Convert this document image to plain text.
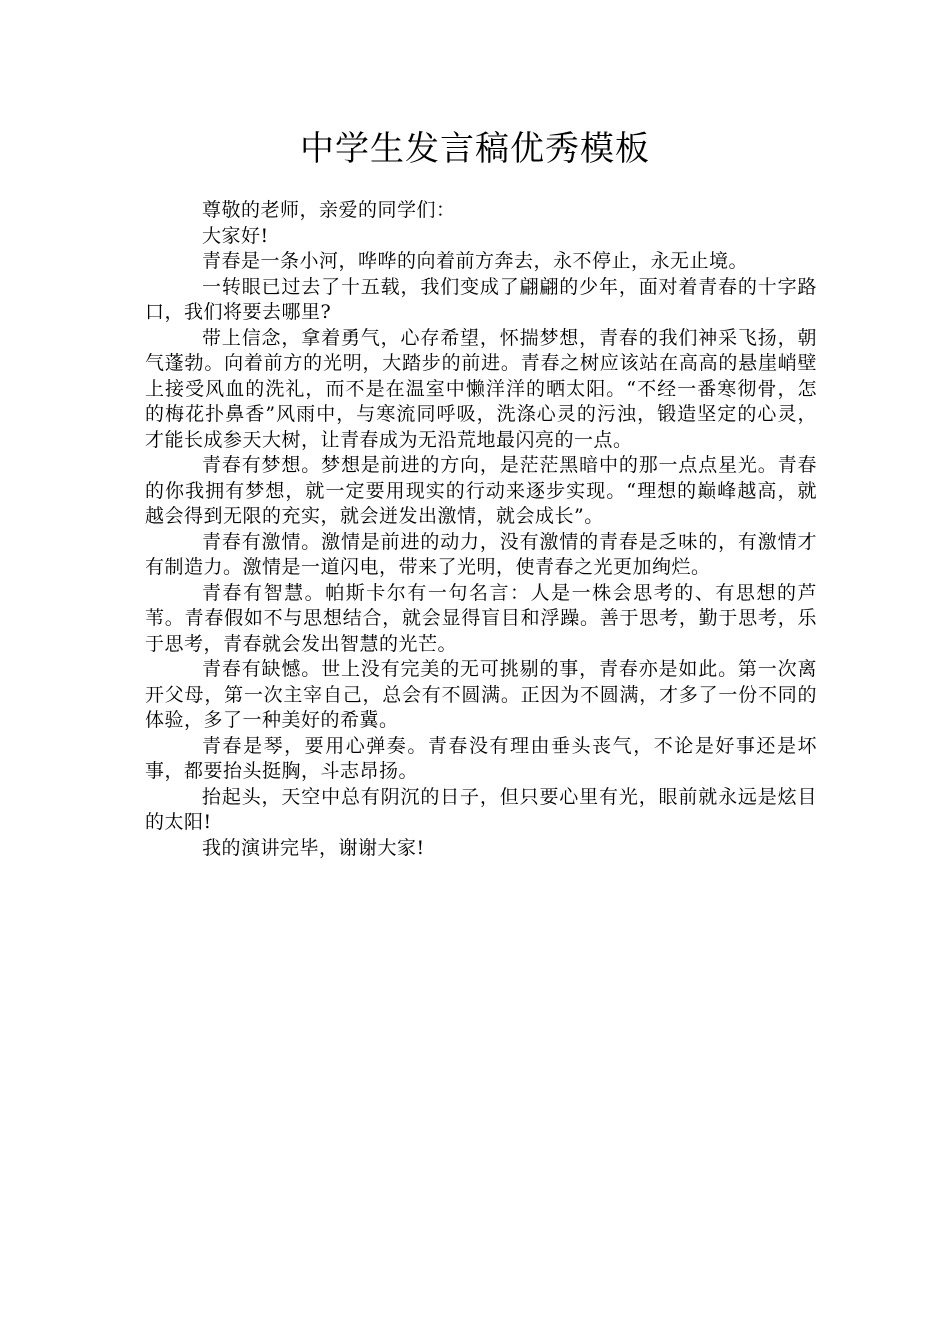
中学生发言稿优秀模板

尊敬的老师，亲爱的同学们：

大家好!

青春是一条小河，哗哗的向着前方奔去，永不停止，永无止境。

一转眼已过去了十五载，我们变成了翩翩的少年，面对着青春的十字路口，我们将要去哪里?

带上信念，拿着勇气，心存希望，怀揣梦想，青春的我们神采飞扬，朝气蓬勃。向着前方的光明，大踏步的前进。青春之树应该站在高高的悬崖峭壁上接受风血的洗礼，而不是在温室中懒洋洋的晒太阳。“不经一番寒彻骨，怎的梅花扑鼻香”风雨中，与寒流同呼吸，洗涤心灵的污浊，锻造坚定的心灵，才能长成参天大树，让青春成为无沿荒地最闪亮的一点。

青春有梦想。梦想是前进的方向，是茫茫黑暗中的那一点点星光。青春的你我拥有梦想，就一定要用现实的行动来逐步实现。“理想的巅峰越高，就越会得到无限的充实，就会迸发出激情，就会成长”。

青春有激情。激情是前进的动力，没有激情的青春是乏味的，有激情才有制造力。激情是一道闪电，带来了光明，使青春之光更加绚烂。

青春有智慧。帕斯卡尔有一句名言：人是一株会思考的、有思想的芦苇。青春假如不与思想结合，就会显得盲目和浮躁。善于思考，勤于思考，乐于思考，青春就会发出智慧的光芒。

青春有缺憾。世上没有完美的无可挑剔的事，青春亦是如此。第一次离开父母，第一次主宰自己，总会有不圆满。正因为不圆满，才多了一份不同的体验，多了一种美好的希冀。

青春是琴，要用心弹奏。青春没有理由垂头丧气，不论是好事还是坏事，都要抬头挺胸，斗志昂扬。

抬起头，天空中总有阴沉的日子，但只要心里有光，眼前就永远是炫目的太阳!

我的演讲完毕，谢谢大家!
